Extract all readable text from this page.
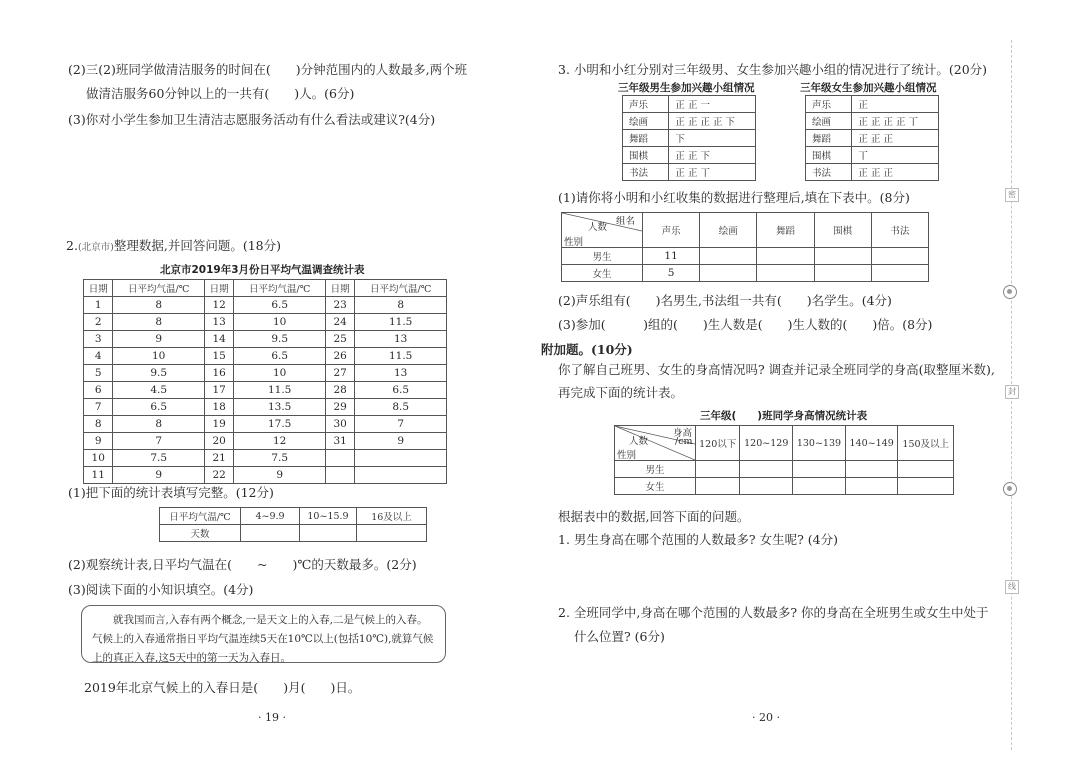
(2)三(2)班同学做清洁服务的时间在(　　)分钟范围内的人数最多,两个班
做清洁服务60分钟以上的一共有(　　)人。(6分)
(3)你对小学生参加卫生清洁志愿服务活动有什么看法或建议?(4分)
2.(北京市)整理数据,并回答问题。(18分)
北京市2019年3月份日平均气温调查统计表
日期	日平均气温/℃	日期	日平均气温/℃	日期	日平均气温/℃
1	8	12	6.5	23	8
2	8	13	10	24	11.5
3	9	14	9.5	25	13
4	10	15	6.5	26	11.5
5	9.5	16	10	27	13
6	4.5	17	11.5	28	6.5
7	6.5	18	13.5	29	8.5
8	8	19	17.5	30	7
9	7	20	12	31	9
10	7.5	21	7.5		
11	9	22	9		
(1)把下面的统计表填写完整。(12分)
日平均气温/℃	4~9.9	10~15.9	16及以上
天数			
(2)观察统计表,日平均气温在(　　~　　)℃的天数最多。(2分)
(3)阅读下面的小知识填空。(4分)
就我国而言,入春有两个概念,一是天文上的入春,二是气候上的入春。气候上的入春通常指日平均气温连续5天在10℃以上(包括10℃),就算气候上的真正入春,这5天中的第一天为入春日。
2019年北京气候上的入春日是(　　)月(　　)日。
· 19 ·
3. 小明和小红分别对三年级男、女生参加兴趣小组的情况进行了统计。(20分)
三年级男生参加兴趣小组情况	三年级女生参加兴趣小组情况
声乐	正 正 一
绘画	正 正 正 正 下
舞蹈	下
围棋	正 正 下
书法	正 正 丅
声乐	正
绘画	正 正 正 正 丅
舞蹈	正 正 正
围棋	丅
书法	正 正 正
(1)请你将小明和小红收集的数据进行整理后,填在下表中。(8分)
组名
人数
性别	声乐	绘画	舞蹈	围棋	书法
男生	11				
女生	5				
(2)声乐组有(　　)名男生,书法组一共有(　　)名学生。(4分)
(3)参加(　　　)组的(　　)生人数是(　　)生人数的(　　)倍。(8分)
附加题。(10分)
你了解自己班男、女生的身高情况吗? 调查并记录全班同学的身高(取整厘米数),
再完成下面的统计表。
三年级(　　)班同学身高情况统计表
身高
/cm
人数
性别	120以下	120~129	130~139	140~149	150及以上
男生					
女生					
根据表中的数据,回答下面的问题。
1. 男生身高在哪个范围的人数最多? 女生呢? (4分)
2. 全班同学中,身高在哪个范围的人数最多? 你的身高在全班男生或女生中处于
什么位置? (6分)
· 20 ·
密
封
线
